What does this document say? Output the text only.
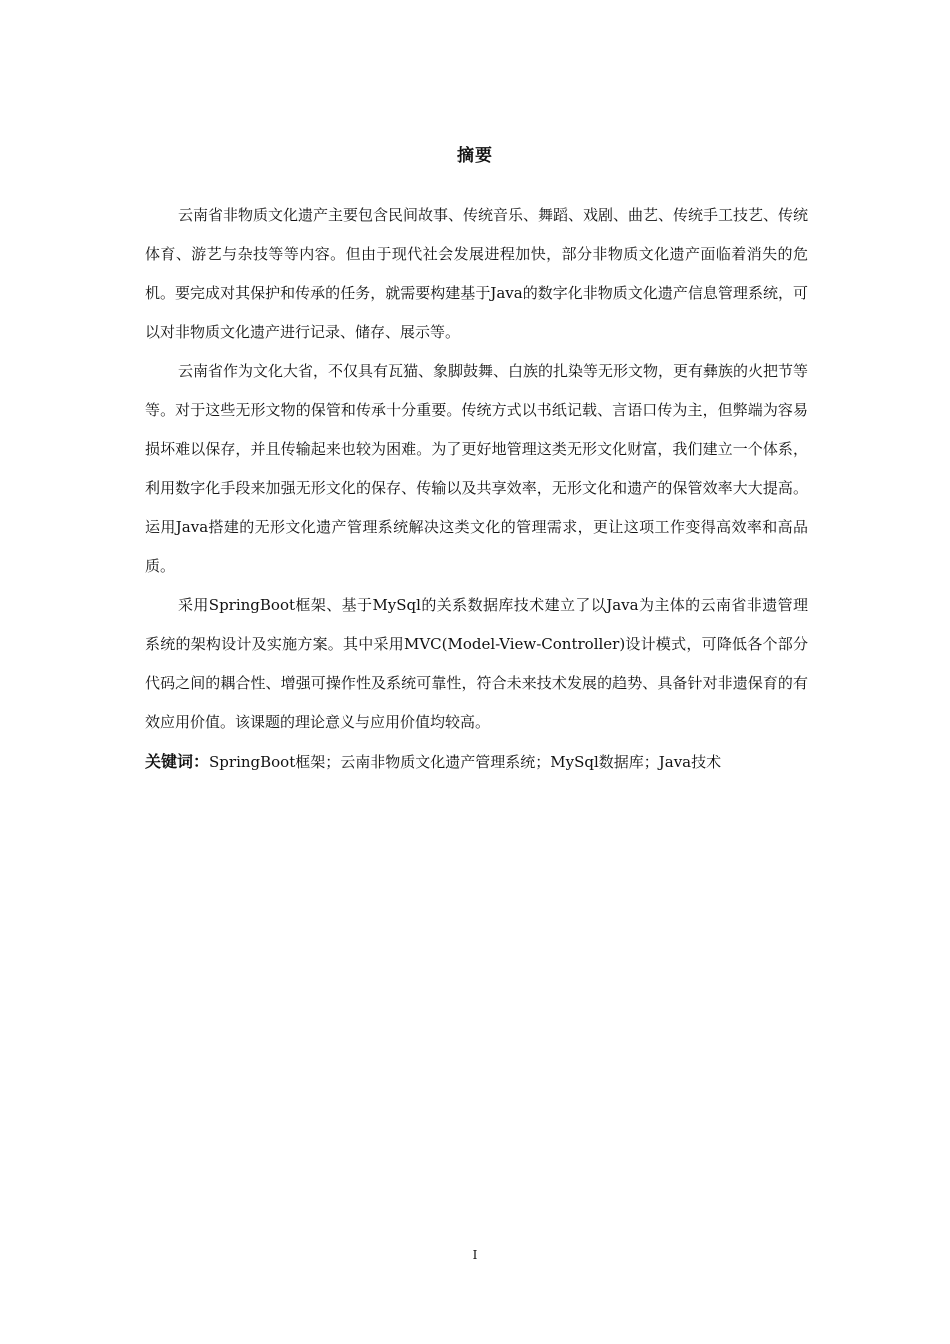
摘要

云南省非物质文化遗产主要包含民间故事、传统音乐、舞蹈、戏剧、曲艺、传统手工技艺、传统体育、游艺与杂技等等内容。但由于现代社会发展进程加快，部分非物质文化遗产面临着消失的危机。要完成对其保护和传承的任务，就需要构建基于Java的数字化非物质文化遗产信息管理系统，可以对非物质文化遗产进行记录、储存、展示等。

云南省作为文化大省，不仅具有瓦猫、象脚鼓舞、白族的扎染等无形文物，更有彝族的火把节等等。对于这些无形文物的保管和传承十分重要。传统方式以书纸记载、言语口传为主，但弊端为容易损坏难以保存，并且传输起来也较为困难。为了更好地管理这类无形文化财富，我们建立一个体系，利用数字化手段来加强无形文化的保存、传输以及共享效率，无形文化和遗产的保管效率大大提高。运用Java搭建的无形文化遗产管理系统解决这类文化的管理需求，更让这项工作变得高效率和高品质。

采用SpringBoot框架、基于MySql的关系数据库技术建立了以Java为主体的云南省非遗管理系统的架构设计及实施方案。其中采用MVC(Model-View-Controller)设计模式，可降低各个部分代码之间的耦合性、增强可操作性及系统可靠性，符合未来技术发展的趋势、具备针对非遗保育的有效应用价值。该课题的理论意义与应用价值均较高。

关键词：SpringBoot框架；云南非物质文化遗产管理系统；MySql数据库；Java技术

I
